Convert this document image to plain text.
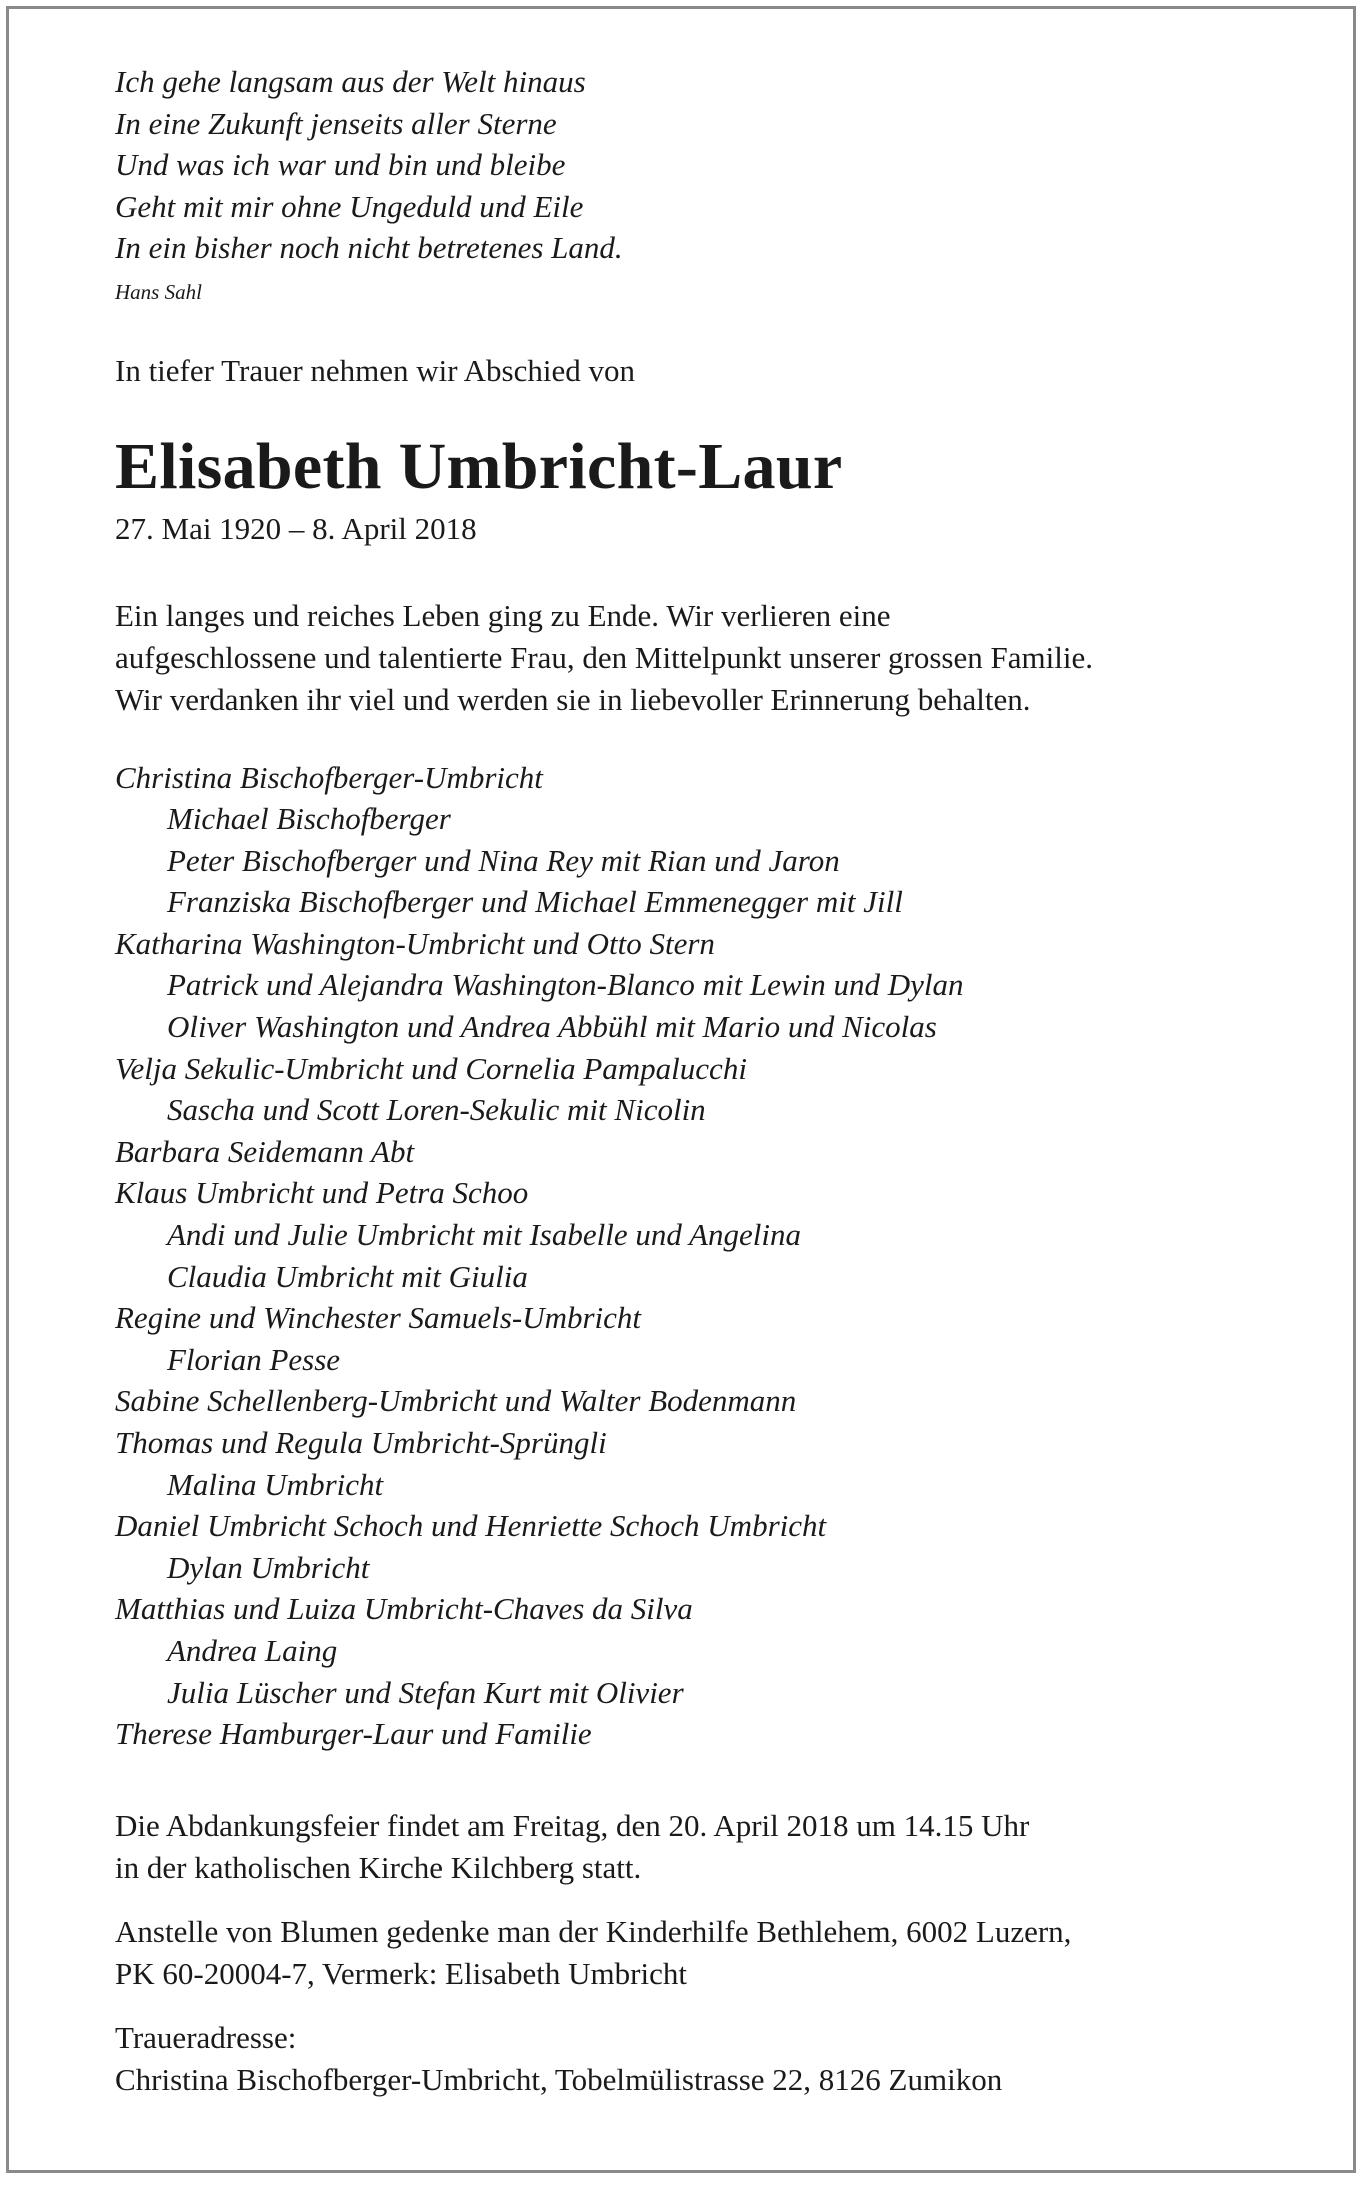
Ich gehe langsam aus der Welt hinaus
In eine Zukunft jenseits aller Sterne
Und was ich war und bin und bleibe
Geht mit mir ohne Ungeduld und Eile
In ein bisher noch nicht betretenes Land.
Hans Sahl
In tiefer Trauer nehmen wir Abschied von
Elisabeth Umbricht-Laur
27. Mai 1920 – 8. April 2018
Ein langes und reiches Leben ging zu Ende. Wir verlieren eine
aufgeschlossene und talentierte Frau, den Mittelpunkt unserer grossen Familie.
Wir verdanken ihr viel und werden sie in liebevoller Erinnerung behalten.
Christina Bischofberger-Umbricht
Michael Bischofberger
Peter Bischofberger und Nina Rey mit Rian und Jaron
Franziska Bischofberger und Michael Emmenegger mit Jill
Katharina Washington-Umbricht und Otto Stern
Patrick und Alejandra Washington-Blanco mit Lewin und Dylan
Oliver Washington und Andrea Abbühl mit Mario und Nicolas
Velja Sekulic-Umbricht und Cornelia Pampalucchi
Sascha und Scott Loren-Sekulic mit Nicolin
Barbara Seidemann Abt
Klaus Umbricht und Petra Schoo
Andi und Julie Umbricht mit Isabelle und Angelina
Claudia Umbricht mit Giulia
Regine und Winchester Samuels-Umbricht
Florian Pesse
Sabine Schellenberg-Umbricht und Walter Bodenmann
Thomas und Regula Umbricht-Sprüngli
Malina Umbricht
Daniel Umbricht Schoch und Henriette Schoch Umbricht
Dylan Umbricht
Matthias und Luiza Umbricht-Chaves da Silva
Andrea Laing
Julia Lüscher und Stefan Kurt mit Olivier
Therese Hamburger-Laur und Familie
Die Abdankungsfeier findet am Freitag, den 20. April 2018 um 14.15 Uhr
in der katholischen Kirche Kilchberg statt.
Anstelle von Blumen gedenke man der Kinderhilfe Bethlehem, 6002 Luzern,
PK 60-20004-7, Vermerk: Elisabeth Umbricht
Traueradresse:
Christina Bischofberger-Umbricht, Tobelmülistrasse 22, 8126 Zumikon
